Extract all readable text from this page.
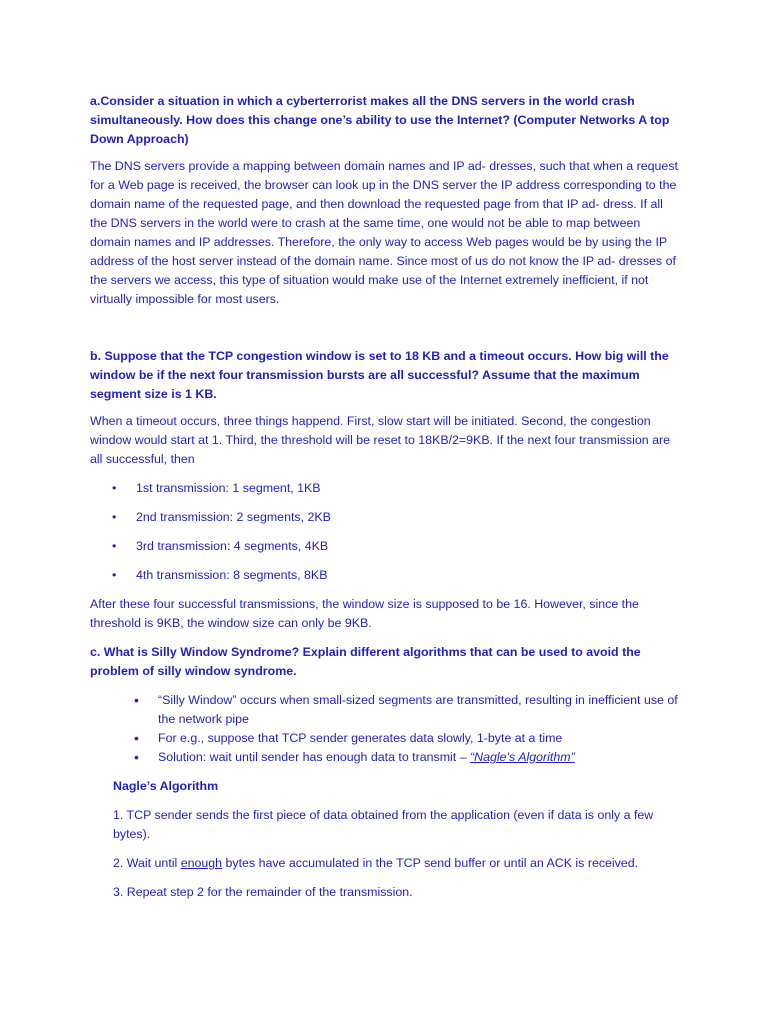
a.Consider a situation in which a cyberterrorist makes all the DNS servers in the world crash simultaneously. How does this change one’s ability to use the Internet? (Computer Networks A top Down Approach)

The DNS servers provide a mapping between domain names and IP ad- dresses, such that when a request for a Web page is received, the browser can look up in the DNS server the IP address corresponding to the domain name of the requested page, and then download the requested page from that IP ad- dress. If all the DNS servers in the world were to crash at the same time, one would not be able to map between domain names and IP addresses. Therefore, the only way to access Web pages would be by using the IP address of the host server instead of the domain name. Since most of us do not know the IP ad- dresses of the servers we access, this type of situation would make use of the Internet extremely inefficient, if not virtually impossible for most users.

b. Suppose that the TCP congestion window is set to 18 KB and a timeout occurs. How big will the window be if the next four transmission bursts are all successful? Assume that the maximum segment size is 1 KB.

When a timeout occurs, three things happend. First, slow start will be initiated. Second, the congestion window would start at 1. Third, the threshold will be reset to 18KB/2=9KB. If the next four transmission are all successful, then

• 1st transmission: 1 segment, 1KB
• 2nd transmission: 2 segments, 2KB
• 3rd transmission: 4 segments, 4KB
• 4th transmission: 8 segments, 8KB

After these four successful transmissions, the window size is supposed to be 16. However, since the threshold is 9KB, the window size can only be 9KB.

c. What is Silly Window Syndrome? Explain different algorithms that can be used to avoid the problem of silly window syndrome.

• “Silly Window” occurs when small-sized segments are transmitted, resulting in inefficient use of the network pipe
• For e.g., suppose that TCP sender generates data slowly, 1-byte at a time
• Solution: wait until sender has enough data to transmit – “Nagle’s Algorithm”

Nagle’s Algorithm

1. TCP sender sends the first piece of data obtained from the application (even if data is only a few bytes).

2. Wait until enough bytes have accumulated in the TCP send buffer or until an ACK is received.

3. Repeat step 2 for the remainder of the transmission.
